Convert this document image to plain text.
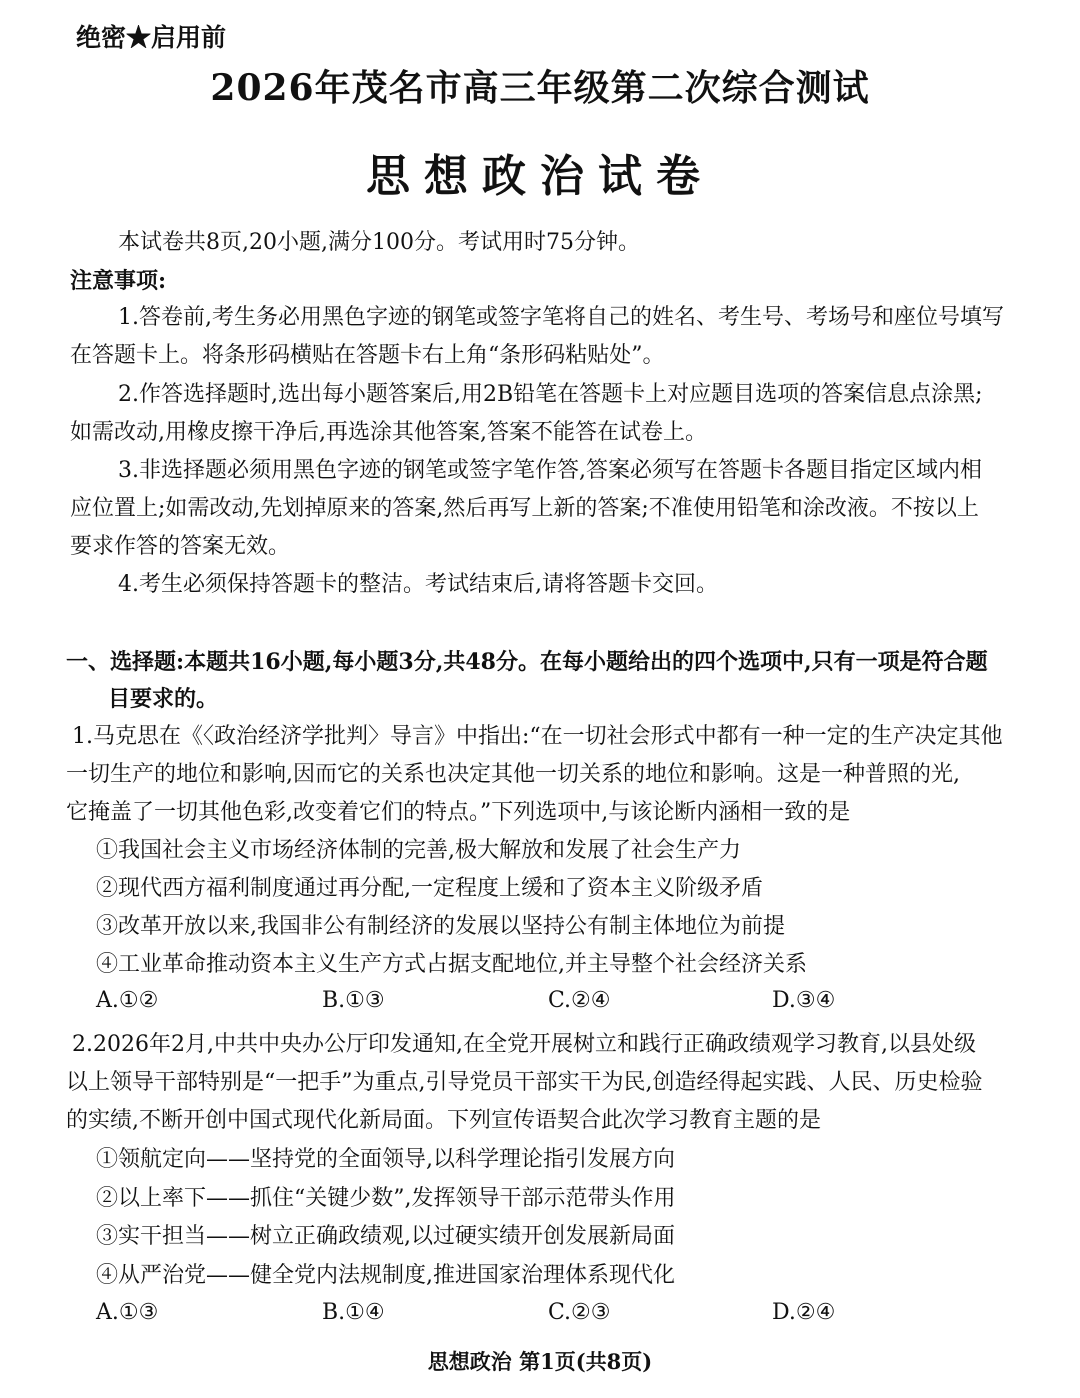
绝密★启用前
2026年茂名市高三年级第二次综合测试
思想政治试卷
本试卷共8页,20小题,满分100分。考试用时75分钟。
注意事项:
1.答卷前,考生务必用黑色字迹的钢笔或签字笔将自己的姓名、考生号、考场号和座位号填写
在答题卡上。将条形码横贴在答题卡右上角“条形码粘贴处”。
2.作答选择题时,选出每小题答案后,用2B铅笔在答题卡上对应题目选项的答案信息点涂黑;
如需改动,用橡皮擦干净后,再选涂其他答案,答案不能答在试卷上。
3.非选择题必须用黑色字迹的钢笔或签字笔作答,答案必须写在答题卡各题目指定区域内相
应位置上;如需改动,先划掉原来的答案,然后再写上新的答案;不准使用铅笔和涂改液。不按以上
要求作答的答案无效。
4.考生必须保持答题卡的整洁。考试结束后,请将答题卡交回。
一、选择题:本题共16小题,每小题3分,共48分。在每小题给出的四个选项中,只有一项是符合题
目要求的。
1.马克思在《〈政治经济学批判〉导言》中指出:“在一切社会形式中都有一种一定的生产决定其他
一切生产的地位和影响,因而它的关系也决定其他一切关系的地位和影响。这是一种普照的光,
它掩盖了一切其他色彩,改变着它们的特点。”下列选项中,与该论断内涵相一致的是
①我国社会主义市场经济体制的完善,极大解放和发展了社会生产力
②现代西方福利制度通过再分配,一定程度上缓和了资本主义阶级矛盾
③改革开放以来,我国非公有制经济的发展以坚持公有制主体地位为前提
④工业革命推动资本主义生产方式占据支配地位,并主导整个社会经济关系
A.①②	B.①③	C.②④	D.③④
2.2026年2月,中共中央办公厅印发通知,在全党开展树立和践行正确政绩观学习教育,以县处级
以上领导干部特别是“一把手”为重点,引导党员干部实干为民,创造经得起实践、人民、历史检验
的实绩,不断开创中国式现代化新局面。下列宣传语契合此次学习教育主题的是
①领航定向——坚持党的全面领导,以科学理论指引发展方向
②以上率下——抓住“关键少数”,发挥领导干部示范带头作用
③实干担当——树立正确政绩观,以过硬实绩开创发展新局面
④从严治党——健全党内法规制度,推进国家治理体系现代化
A.①③	B.①④	C.②③	D.②④
思想政治 第1页(共8页)
